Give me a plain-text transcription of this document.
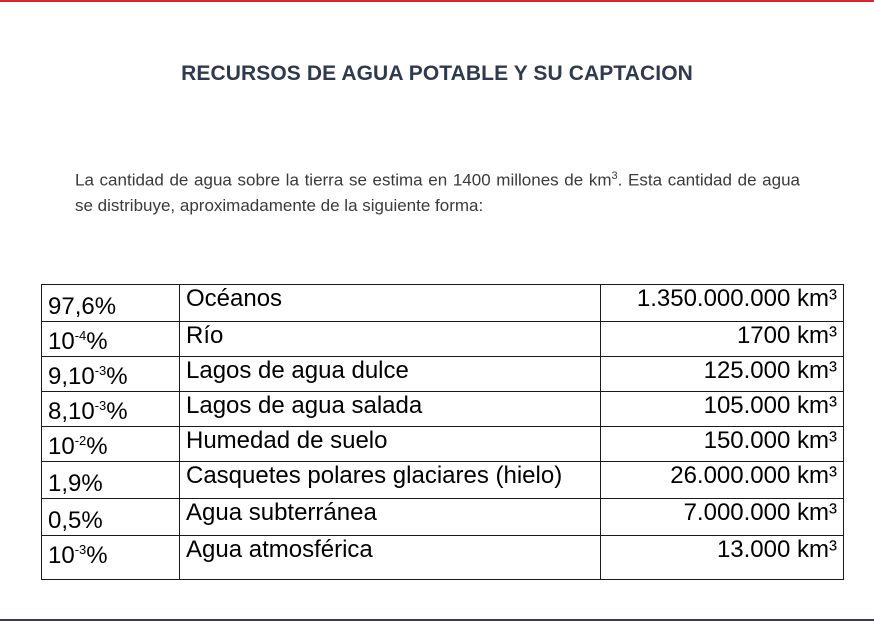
RECURSOS DE AGUA POTABLE Y SU CAPTACION

La cantidad de agua sobre la tierra se estima en 1400 millones de $km^3$. Esta cantidad de agua se distribuye, aproximadamente de la siguiente forma:

97,6%	Océanos	1.350.000.000 km³
$10^{-4}\%$	Río	1700 km³
$9,10^{-3}\%$	Lagos de agua dulce	125.000 km³
$8,10^{-3}\%$	Lagos de agua salada	105.000 km³
$10^{-2}\%$	Humedad de suelo	150.000 km³
1,9%	Casquetes polares glaciares (hielo)	26.000.000 km³
0,5%	Agua subterránea	7.000.000 km³
$10^{-3}\%$	Agua atmosférica	13.000 km³
